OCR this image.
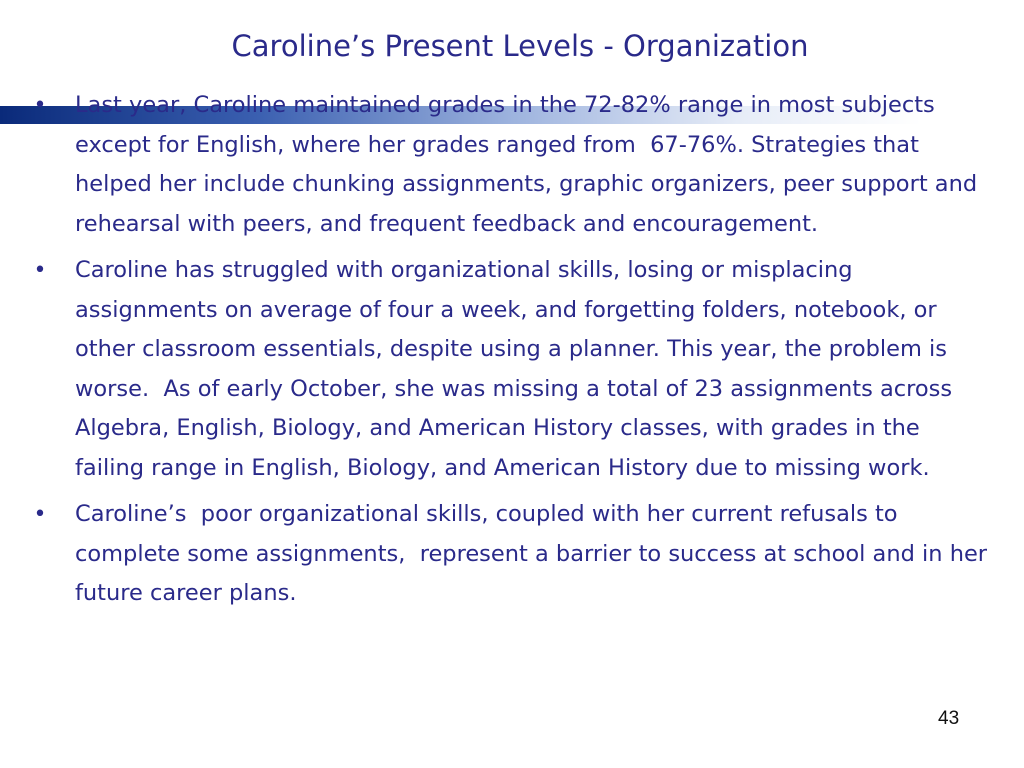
Caroline’s Present Levels - Organization
• Last year, Caroline maintained grades in the 72-82% range in most subjects except for English, where her grades ranged from  67-76%. Strategies that helped her include chunking assignments, graphic organizers, peer support and rehearsal with peers, and frequent feedback and encouragement.
• Caroline has struggled with organizational skills, losing or misplacing assignments on average of four a week, and forgetting folders, notebook, or other classroom essentials, despite using a planner. This year, the problem is worse.  As of early October, she was missing a total of 23 assignments across Algebra, English, Biology, and American History classes, with grades in the failing range in English, Biology, and American History due to missing work.
• Caroline’s  poor organizational skills, coupled with her current refusals to complete some assignments,  represent a barrier to success at school and in her future career plans.
43
